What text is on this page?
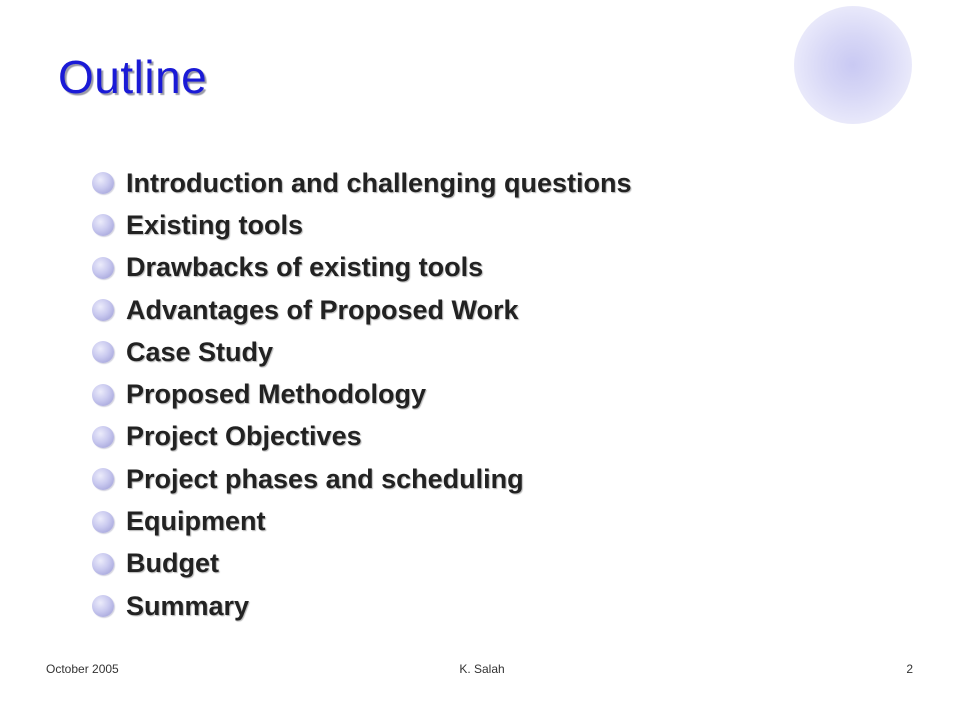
Outline
Introduction and challenging questions
Existing tools
Drawbacks of existing tools
Advantages of Proposed Work
Case Study
Proposed Methodology
Project Objectives
Project phases and scheduling
Equipment
Budget
Summary
October 2005	K. Salah	2
